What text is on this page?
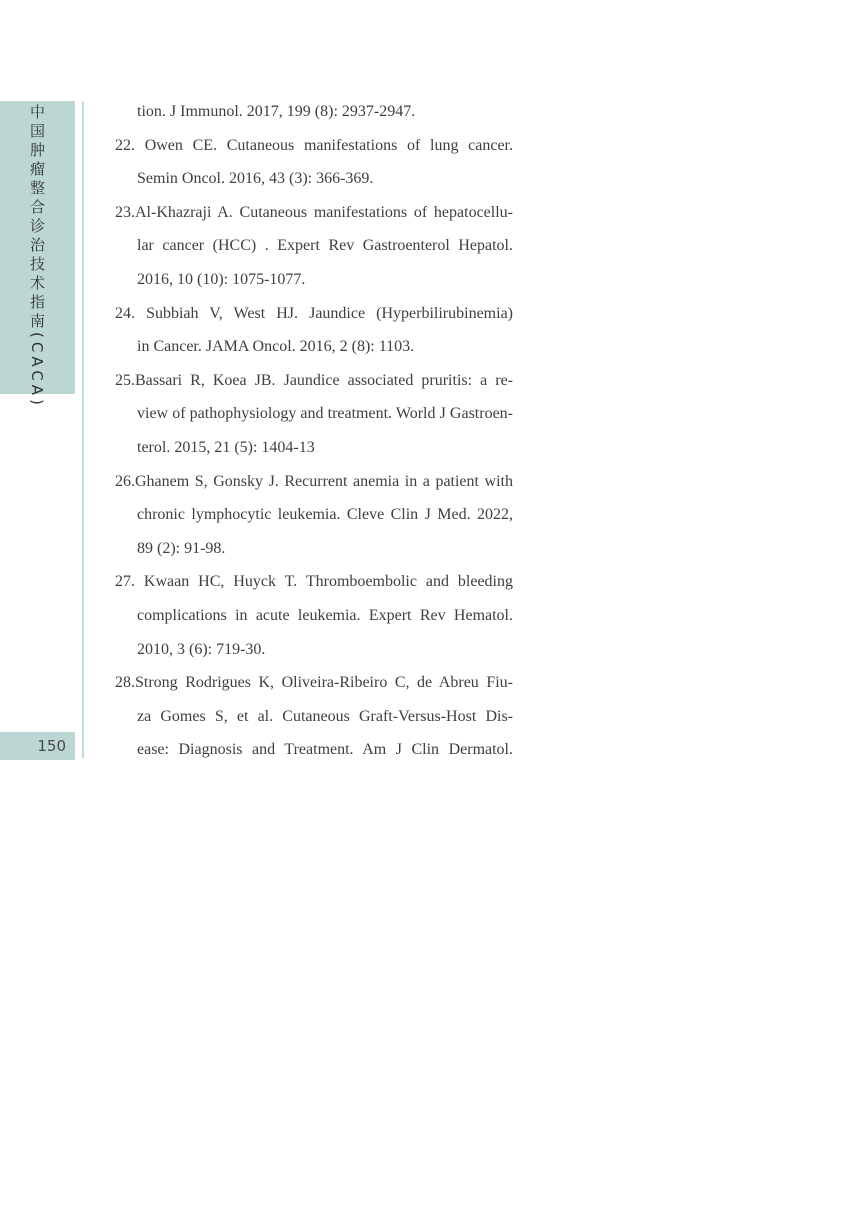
中国肿瘤整合诊治技术指南(CACA)
150
tion. J Immunol. 2017, 199 (8): 2937-2947.
22. Owen CE. Cutaneous manifestations of lung cancer.
Semin Oncol. 2016, 43 (3): 366-369.
23.Al-Khazraji A. Cutaneous manifestations of hepatocellu-
lar cancer (HCC) . Expert Rev Gastroenterol Hepatol.
2016, 10 (10): 1075-1077.
24. Subbiah V, West HJ. Jaundice (Hyperbilirubinemia)
in Cancer. JAMA Oncol. 2016, 2 (8): 1103.
25.Bassari R, Koea JB. Jaundice associated pruritis: a re-
view of pathophysiology and treatment. World J Gastroen-
terol. 2015, 21 (5): 1404-13
26.Ghanem S, Gonsky J. Recurrent anemia in a patient with
chronic lymphocytic leukemia. Cleve Clin J Med. 2022,
89 (2): 91-98.
27. Kwaan HC, Huyck T. Thromboembolic and bleeding
complications in acute leukemia. Expert Rev Hematol.
2010, 3 (6): 719-30.
28.Strong Rodrigues K, Oliveira-Ribeiro C, de Abreu Fiu-
za Gomes S, et al. Cutaneous Graft-Versus-Host Dis-
ease: Diagnosis and Treatment. Am J Clin Dermatol.
